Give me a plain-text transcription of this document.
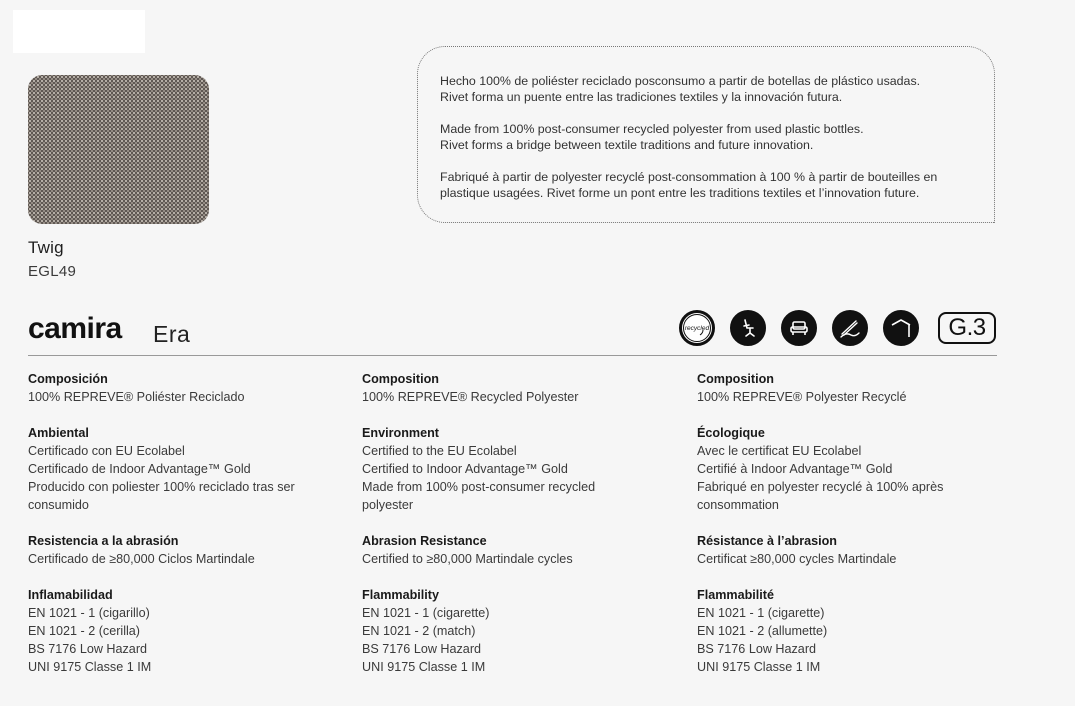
Twig
EGL49

Hecho 100% de poliéster reciclado posconsumo a partir de botellas de plástico usadas.
Rivet forma un puente entre las tradiciones textiles y la innovación futura.

Made from 100% post-consumer recycled polyester from used plastic bottles.
Rivet forms a bridge between textile traditions and future innovation.

Fabriqué à partir de polyester recyclé post-consommation à 100 % à partir de bouteilles en
plastique usagées. Rivet forme un pont entre les traditions textiles et l’innovation future.

camira Era	recycled	G.3
Composición
100% REPREVE® Poliéster Reciclado
Ambiental
Certificado con EU Ecolabel
Certificado de Indoor Advantage™ Gold
Producido con poliester 100% reciclado tras ser
consumido
Resistencia a la abrasión
Certificado de ≥80,000 Ciclos Martindale
Inflamabilidad
EN 1021 - 1 (cigarillo)
EN 1021 - 2 (cerilla)
BS 7176 Low Hazard
UNI 9175 Classe 1 IM
Composition
100% REPREVE® Recycled Polyester
Environment
Certified to the EU Ecolabel
Certified to Indoor Advantage™ Gold
Made from 100% post-consumer recycled
polyester
Abrasion Resistance
Certified to ≥80,000 Martindale cycles
Flammability
EN 1021 - 1 (cigarette)
EN 1021 - 2 (match)
BS 7176 Low Hazard
UNI 9175 Classe 1 IM
Composition
100% REPREVE® Polyester Recyclé
Écologique
Avec le certificat EU Ecolabel
Certifié à Indoor Advantage™ Gold
Fabriqué en polyester recyclé à 100% après
consommation
Résistance à l’abrasion
Certificat ≥80,000 cycles Martindale
Flammabilité
EN 1021 - 1 (cigarette)
EN 1021 - 2 (allumette)
BS 7176 Low Hazard
UNI 9175 Classe 1 IM
